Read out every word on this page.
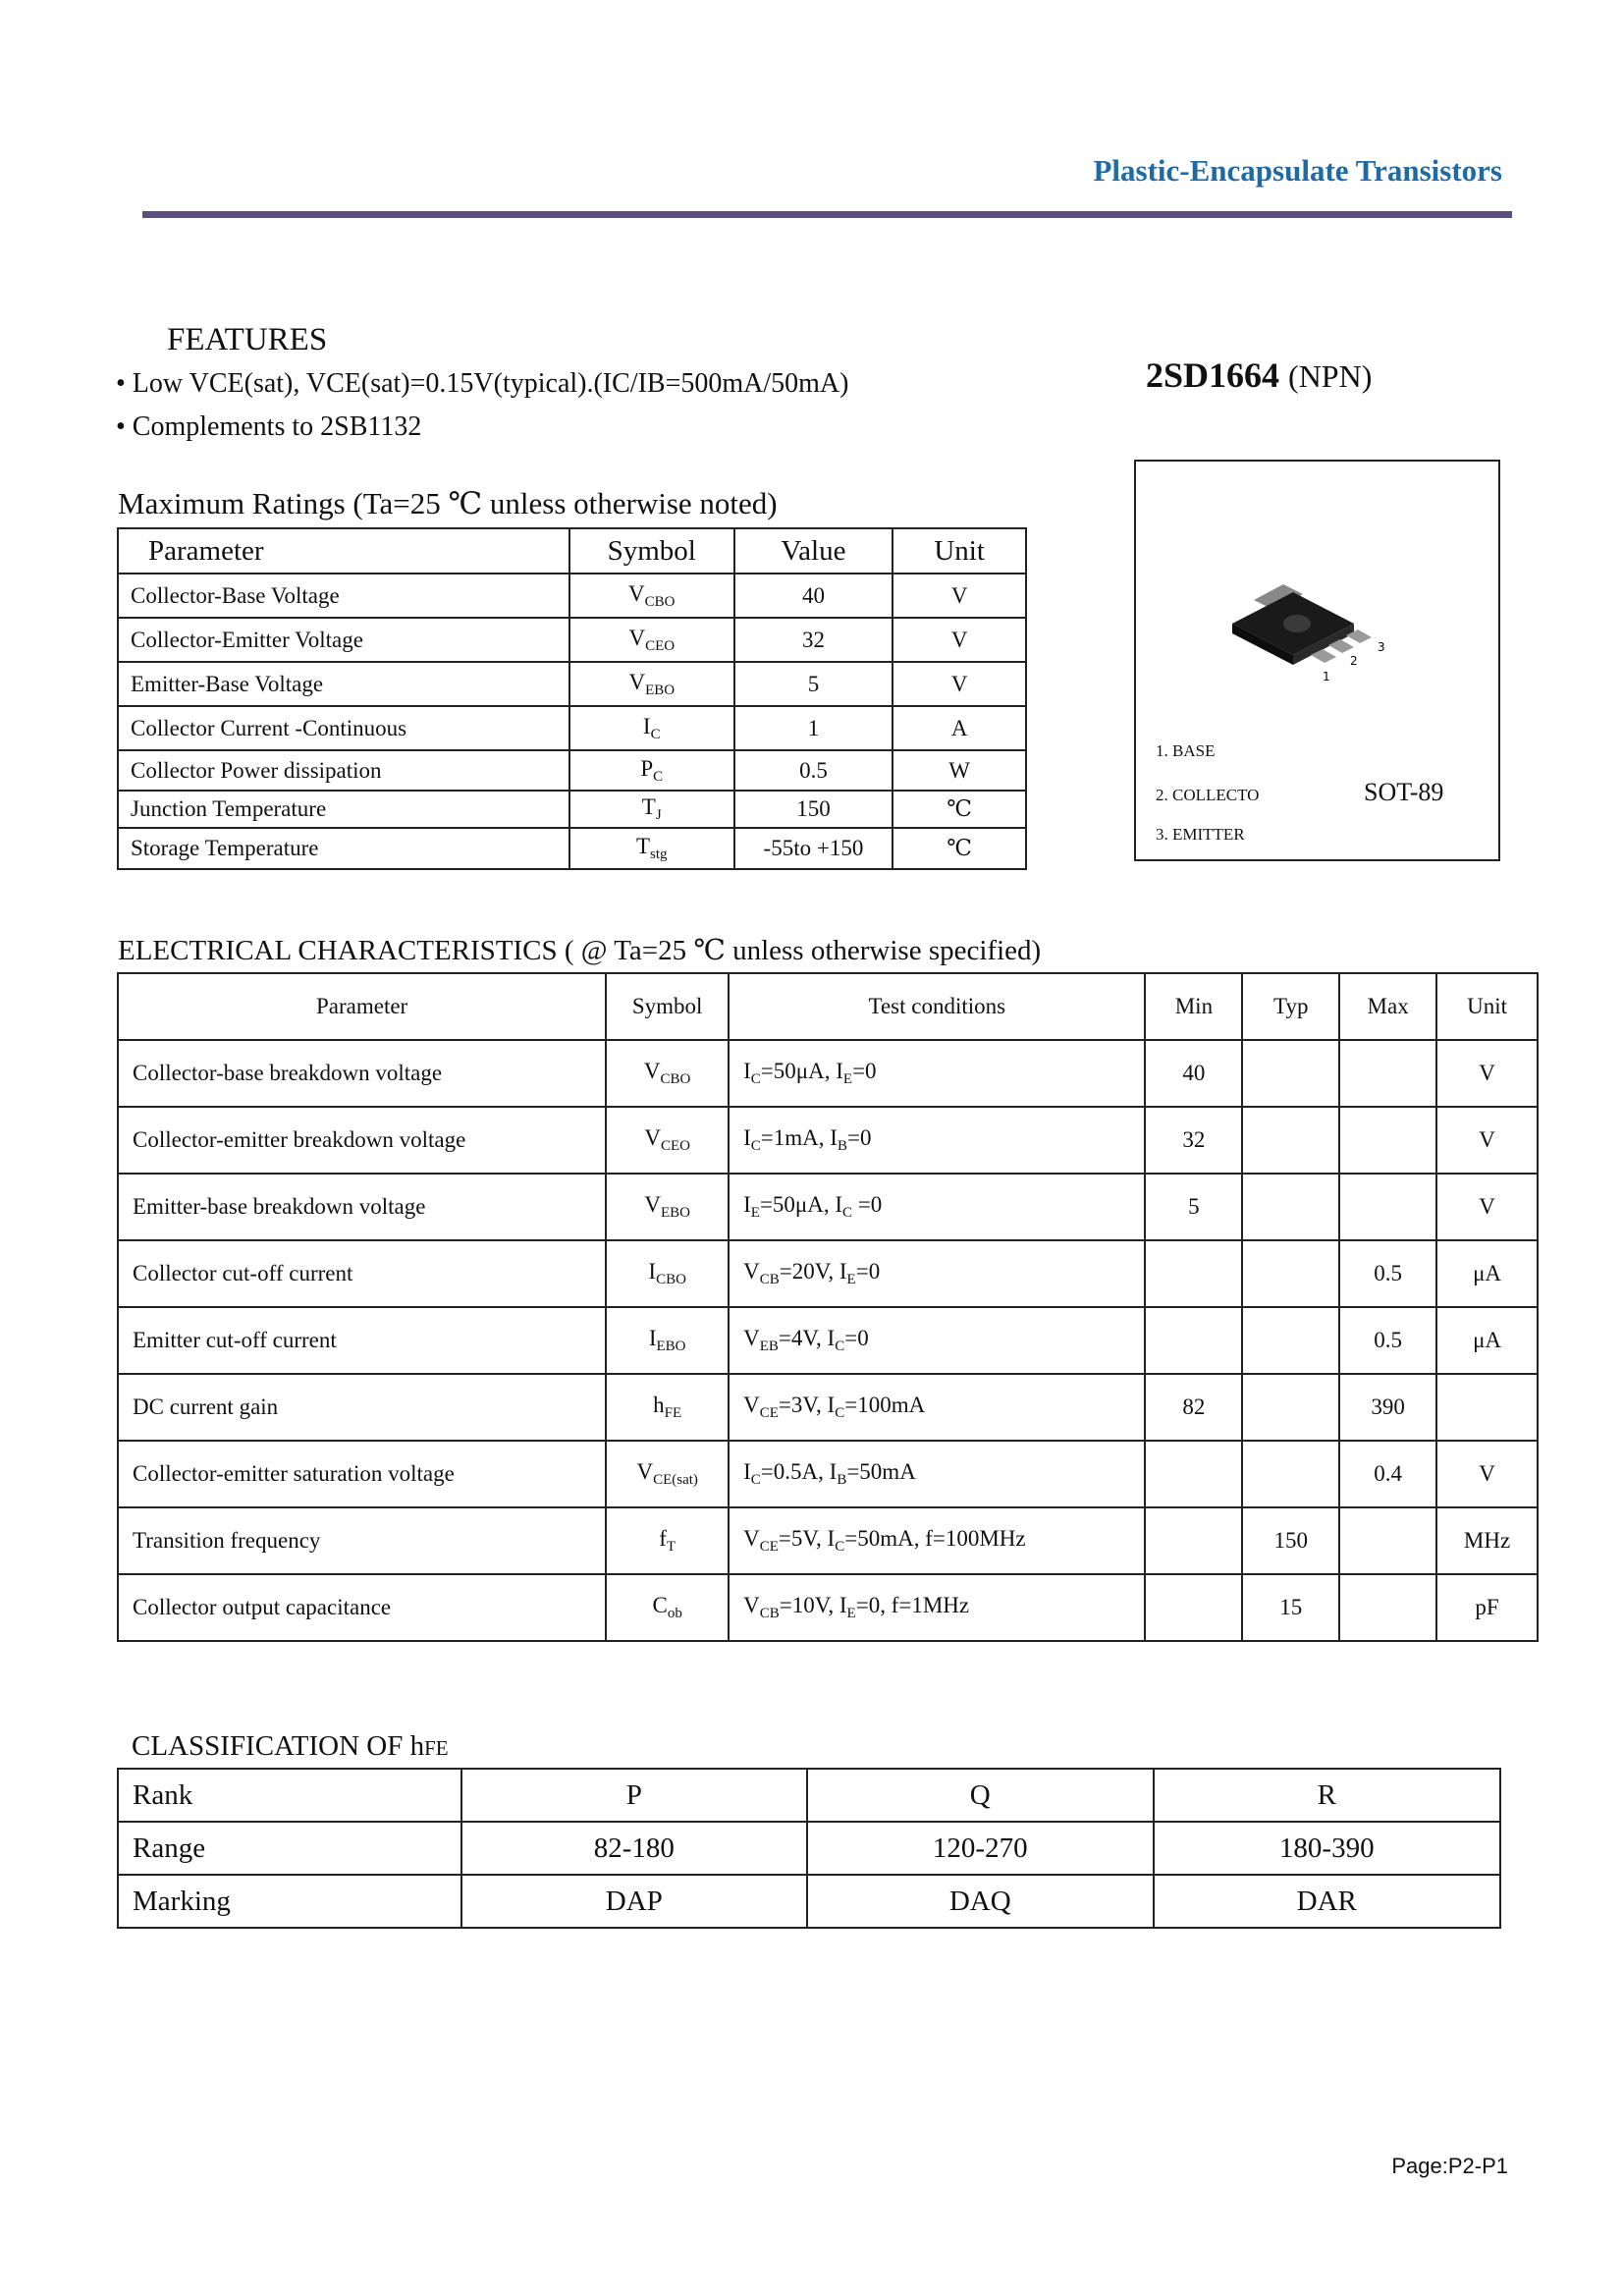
Plastic-Encapsulate Transistors
FEATURES
• Low VCE(sat), VCE(sat)=0.15V(typical).(IC/IB=500mA/50mA)
• Complements to 2SB1132
2SD1664 (NPN)
1
2
3
1. BASE
2. COLLECTO
3. EMITTER
SOT-89
Maximum Ratings (Ta=25 ℃ unless otherwise noted)
Parameter	Symbol	Value	Unit
Collector-Base Voltage	$V_{CBO}$	40	V
Collector-Emitter Voltage	$V_{CEO}$	32	V
Emitter-Base Voltage	$V_{EBO}$	5	V
Collector Current -Continuous	$I_C$	1	A
Collector Power dissipation	$P_C$	0.5	W
Junction Temperature	$T_J$	150	℃
Storage Temperature	$T_{stg}$	-55to +150	℃
ELECTRICAL CHARACTERISTICS ( @ Ta=25 ℃ unless otherwise specified)
Parameter	Symbol	Test conditions	Min	Typ	Max	Unit
Collector-base breakdown voltage	$V_{CBO}$	$I_C=50\mu A$, $I_E=0$	40			V
Collector-emitter breakdown voltage	$V_{CEO}$	$I_C=1mA$, $I_B=0$	32			V
Emitter-base breakdown voltage	$V_{EBO}$	$I_E=50\mu A$, $I_C =0$	5			V
Collector cut-off current	$I_{CBO}$	$V_{CB}=20V$, $I_E=0$			0.5	μA
Emitter cut-off current	$I_{EBO}$	$V_{EB}=4V$, $I_C=0$			0.5	μA
DC current gain	$h_{FE}$	$V_{CE}=3V$, $I_C=100mA$	82		390	
Collector-emitter saturation voltage	$V_{CE(sat)}$	$I_C=0.5A$, $I_B=50mA$			0.4	V
Transition frequency	$f_T$	$V_{CE}=5V$, $I_C=50mA$, f=100MHz		150		MHz
Collector output capacitance	$C_{ob}$	$V_{CB}=10V$, $I_E=0$, f=1MHz		15		pF
CLASSIFICATION OF hFE
Rank	P	Q	R
Range	82-180	120-270	180-390
Marking	DAP	DAQ	DAR
Page:P2-P1
